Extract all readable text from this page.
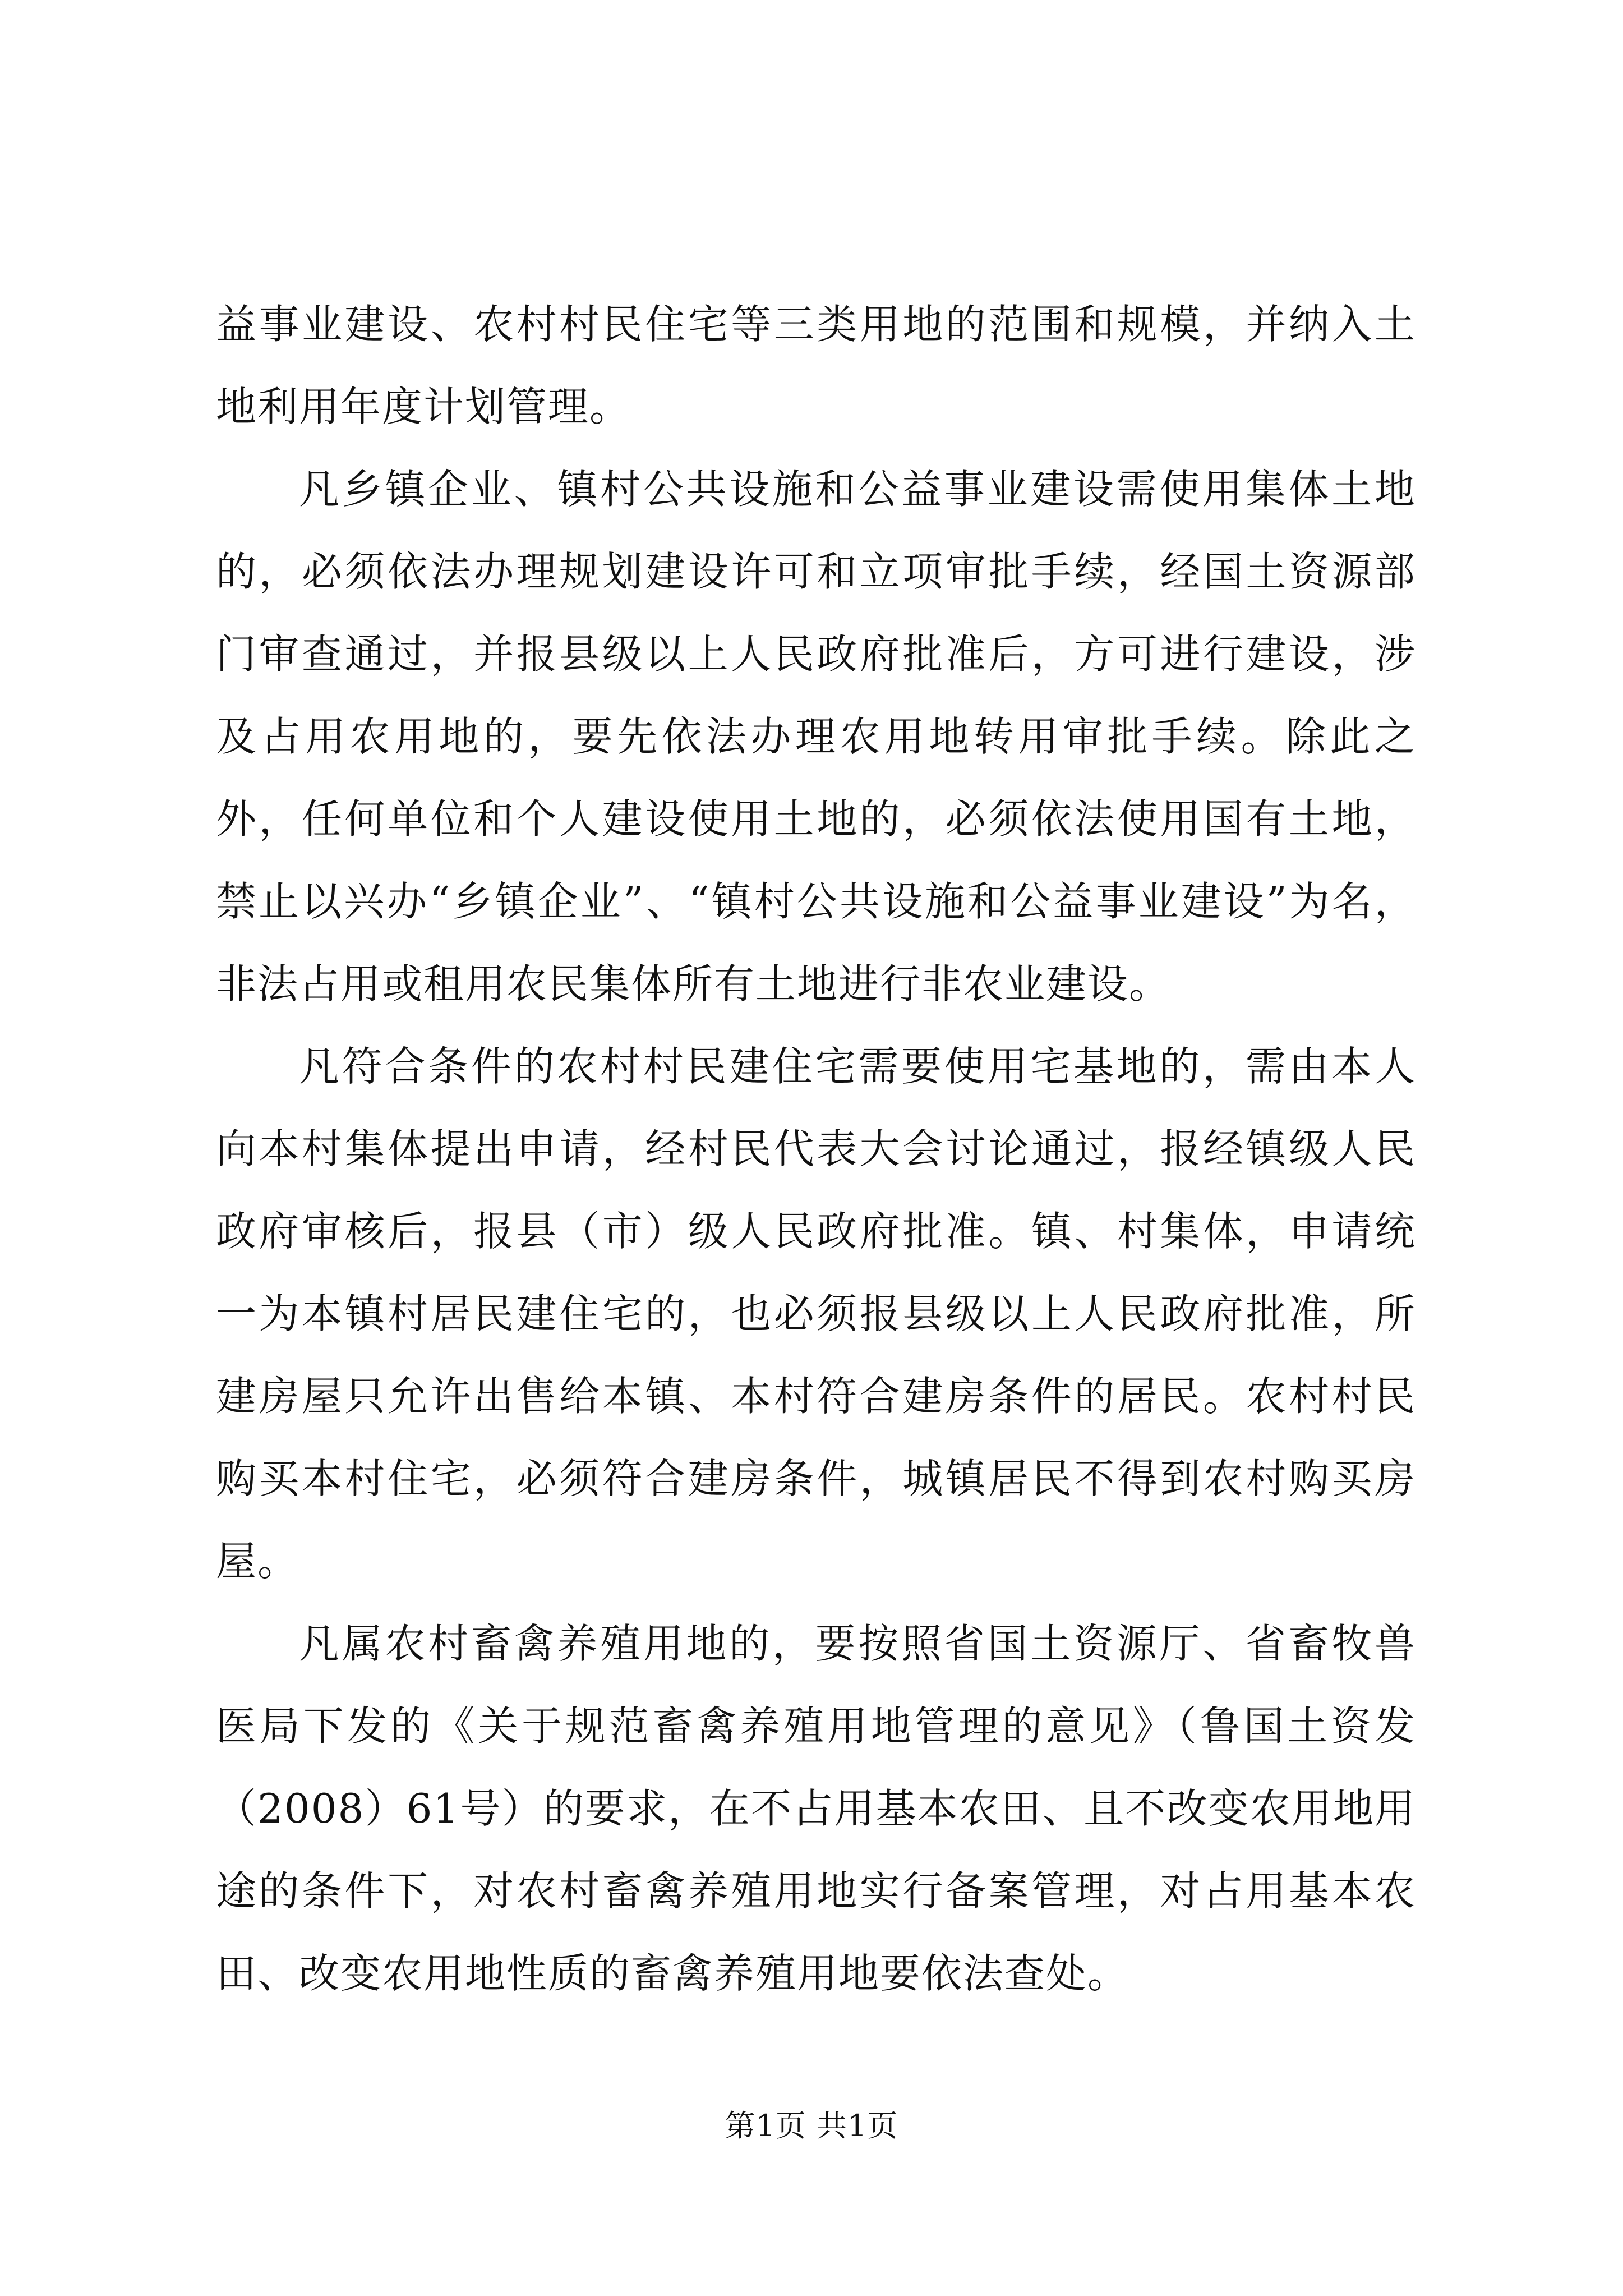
益事业建设、农村村民住宅等三类用地的范围和规模，并纳入土地利用年度计划管理。

凡乡镇企业、镇村公共设施和公益事业建设需使用集体土地的，必须依法办理规划建设许可和立项审批手续，经国土资源部门审查通过，并报县级以上人民政府批准后，方可进行建设，涉及占用农用地的，要先依法办理农用地转用审批手续。除此之外，任何单位和个人建设使用土地的，必须依法使用国有土地，禁止以兴办“乡镇企业”、“镇村公共设施和公益事业建设”为名，非法占用或租用农民集体所有土地进行非农业建设。

凡符合条件的农村村民建住宅需要使用宅基地的，需由本人向本村集体提出申请，经村民代表大会讨论通过，报经镇级人民政府审核后，报县（市）级人民政府批准。镇、村集体，申请统一为本镇村居民建住宅的，也必须报县级以上人民政府批准，所建房屋只允许出售给本镇、本村符合建房条件的居民。农村村民购买本村住宅，必须符合建房条件，城镇居民不得到农村购买房屋。

凡属农村畜禽养殖用地的，要按照省国土资源厅、省畜牧兽医局下发的《关于规范畜禽养殖用地管理的意见》（鲁国土资发（2008）61号）的要求，在不占用基本农田、且不改变农用地用途的条件下，对农村畜禽养殖用地实行备案管理，对占用基本农田、改变农用地性质的畜禽养殖用地要依法查处。

第1页 共1页
